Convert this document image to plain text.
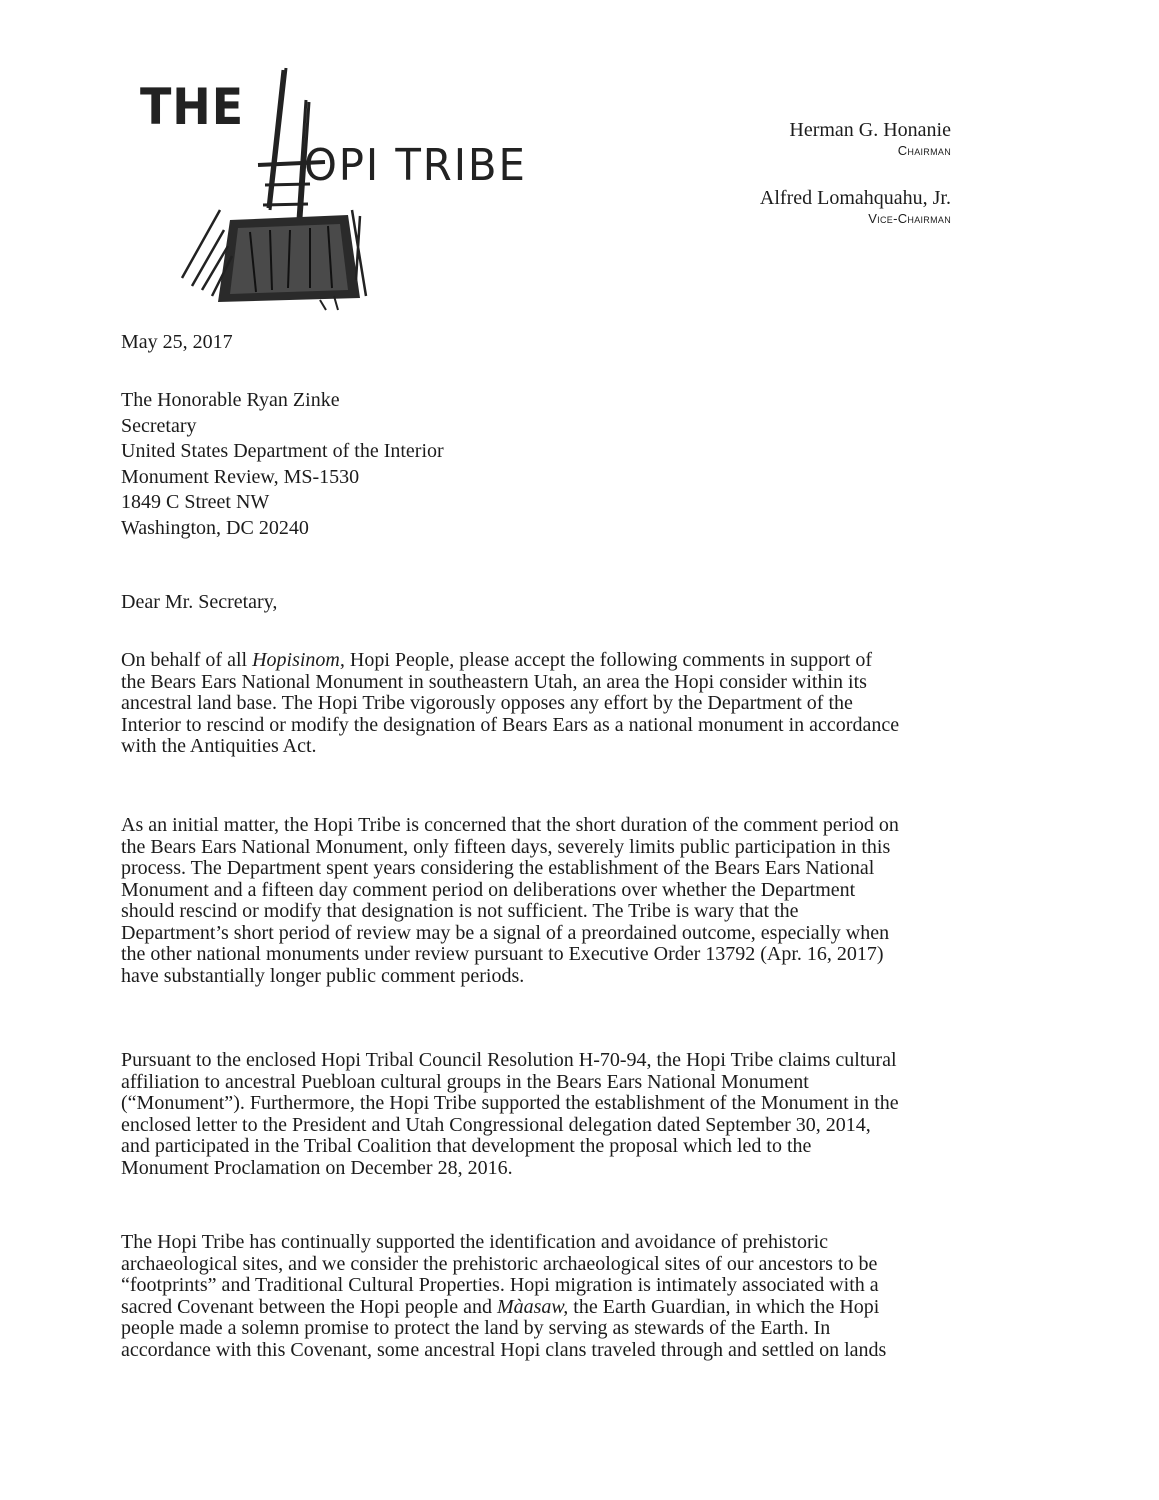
THE
OPI TRIBE
Herman G. Honanie
Chairman
Alfred Lomahquahu, Jr.
Vice-Chairman
May 25, 2017
The Honorable Ryan Zinke
Secretary
United States Department of the Interior
Monument Review, MS-1530
1849 C Street NW
Washington, DC 20240
Dear Mr. Secretary,
On behalf of all Hopisinom, Hopi People, please accept the following comments in support of
the Bears Ears National Monument in southeastern Utah, an area the Hopi consider within its
ancestral land base. The Hopi Tribe vigorously opposes any effort by the Department of the
Interior to rescind or modify the designation of Bears Ears as a national monument in accordance
with the Antiquities Act.
As an initial matter, the Hopi Tribe is concerned that the short duration of the comment period on
the Bears Ears National Monument, only fifteen days, severely limits public participation in this
process. The Department spent years considering the establishment of the Bears Ears National
Monument and a fifteen day comment period on deliberations over whether the Department
should rescind or modify that designation is not sufficient. The Tribe is wary that the
Department’s short period of review may be a signal of a preordained outcome, especially when
the other national monuments under review pursuant to Executive Order 13792 (Apr. 16, 2017)
have substantially longer public comment periods.
Pursuant to the enclosed Hopi Tribal Council Resolution H-70-94, the Hopi Tribe claims cultural
affiliation to ancestral Puebloan cultural groups in the Bears Ears National Monument
(“Monument”). Furthermore, the Hopi Tribe supported the establishment of the Monument in the
enclosed letter to the President and Utah Congressional delegation dated September 30, 2014,
and participated in the Tribal Coalition that development the proposal which led to the
Monument Proclamation on December 28, 2016.
The Hopi Tribe has continually supported the identification and avoidance of prehistoric
archaeological sites, and we consider the prehistoric archaeological sites of our ancestors to be
“footprints” and Traditional Cultural Properties. Hopi migration is intimately associated with a
sacred Covenant between the Hopi people and Màasaw, the Earth Guardian, in which the Hopi
people made a solemn promise to protect the land by serving as stewards of the Earth. In
accordance with this Covenant, some ancestral Hopi clans traveled through and settled on lands
